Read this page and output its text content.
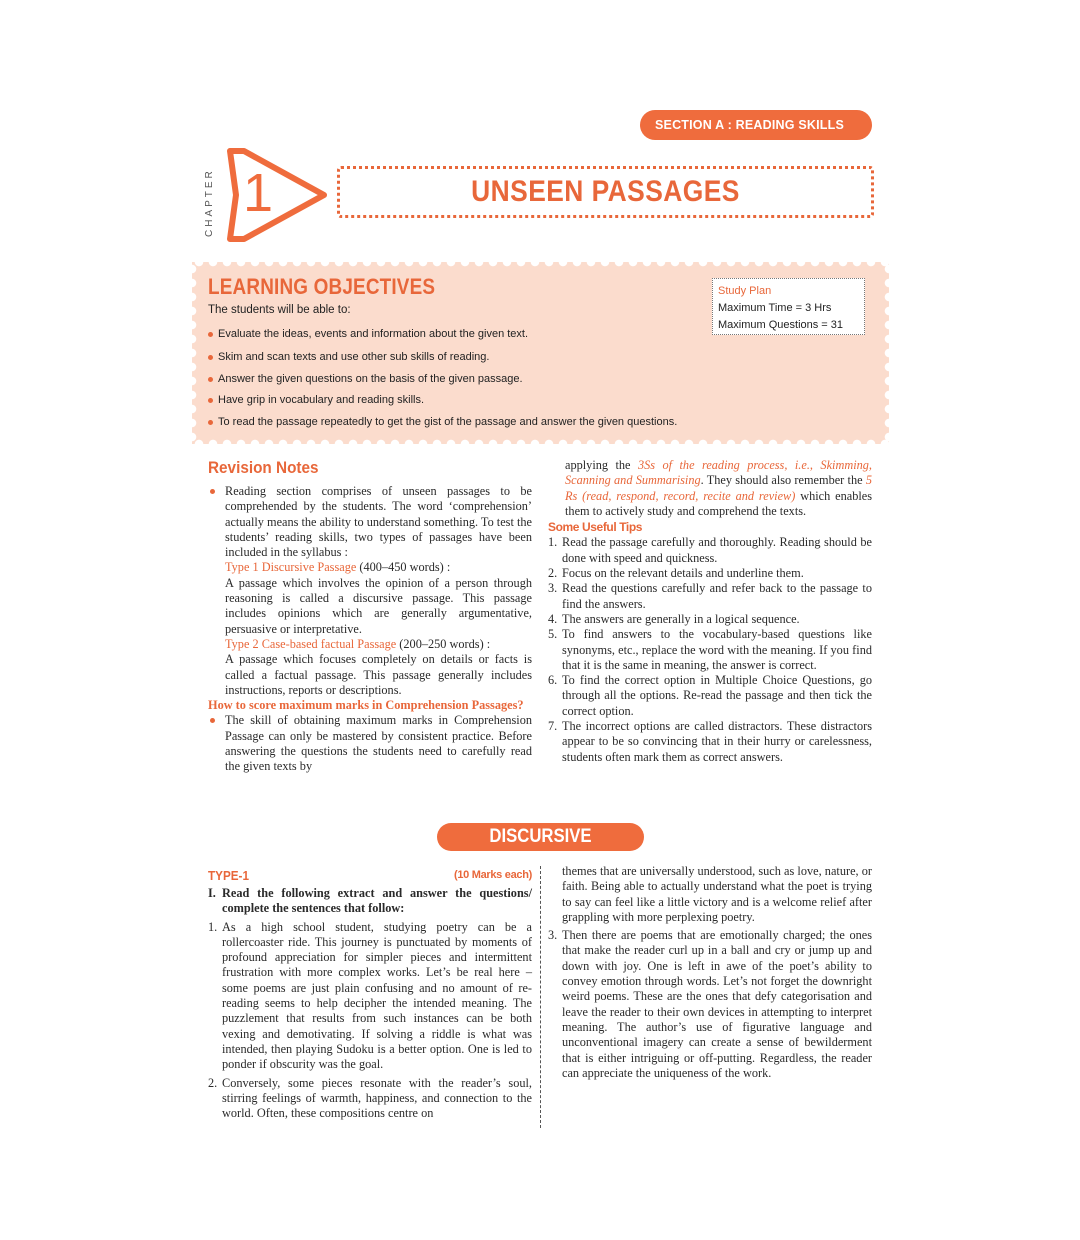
SECTION A : READING SKILLS
CHAPTER 1	UNSEEN PASSAGES
LEARNING OBJECTIVES
The students will be able to:
Evaluate the ideas, events and information about the given text.
Skim and scan texts and use other sub skills of reading.
Answer the given questions on the basis of the given passage.
Have grip in vocabulary and reading skills.
To read the passage repeatedly to get the gist of the passage and answer the given questions.
Study Plan
Maximum Time = 3 Hrs
Maximum Questions = 31
Revision Notes

Reading section comprises of unseen passages to be comprehended by the students. The word ‘comprehension’ actually means the ability to understand something. To test the students’ reading skills, two types of passages have been included in the syllabus :

Type 1 Discursive Passage (400–450 words) :

A passage which involves the opinion of a person through reasoning is called a discursive passage. This passage includes opinions which are generally argumentative, persuasive or interpretative.

Type 2 Case-based factual Passage (200–250 words) :

A passage which focuses completely on details or facts is called a factual passage. This passage generally includes instructions, reports or descriptions.

How to score maximum marks in Comprehension Passages?

The skill of obtaining maximum marks in Comprehension Passage can only be mastered by consistent practice. Before answering the questions the students need to carefully read the given texts by

applying the 3Ss of the reading process, i.e., Skimming, Scanning and Summarising. They should also remember the 5 Rs (read, respond, record, recite and review) which enables them to actively study and comprehend the texts.

Some Useful Tips

1. Read the passage carefully and thoroughly. Reading should be done with speed and quickness.

2. Focus on the relevant details and underline them.

3. Read the questions carefully and refer back to the passage to find the answers.

4. The answers are generally in a logical sequence.

5. To find answers to the vocabulary-based questions like synonyms, etc., replace the word with the meaning. If you find that it is the same in meaning, the answer is correct.

6. To find the correct option in Multiple Choice Questions, go through all the options. Re-read the passage and then tick the correct option.

7. The incorrect options are called distractors. These distractors appear to be so convincing that in their hurry or carelessness, students often mark them as correct answers.

DISCURSIVE PASSAGE
TYPE-1	(10 Marks each)

I. Read the following extract and answer the questions/ complete the sentences that follow:

1. As a high school student, studying poetry can be a rollercoaster ride. This journey is punctuated by moments of profound appreciation for simpler pieces and intermittent frustration with more complex works. Let’s be real here – some poems are just plain confusing and no amount of re-reading seems to help decipher the intended meaning. The puzzlement that results from such instances can be both vexing and demotivating. If solving a riddle is what was intended, then playing Sudoku is a better option. One is led to ponder if obscurity was the goal.

2. Conversely, some pieces resonate with the reader’s soul, stirring feelings of warmth, happiness, and connection to the world. Often, these compositions centre on

themes that are universally understood, such as love, nature, or faith. Being able to actually understand what the poet is trying to say can feel like a little victory and is a welcome relief after grappling with more perplexing poetry.

3. Then there are poems that are emotionally charged; the ones that make the reader curl up in a ball and cry or jump up and down with joy. One is left in awe of the poet’s ability to convey emotion through words. Let’s not forget the downright weird poems. These are the ones that defy categorisation and leave the reader to their own devices in attempting to interpret meaning. The author’s use of figurative language and unconventional imagery can create a sense of bewilderment that is either intriguing or off-putting. Regardless, the reader can appreciate the uniqueness of the work.
